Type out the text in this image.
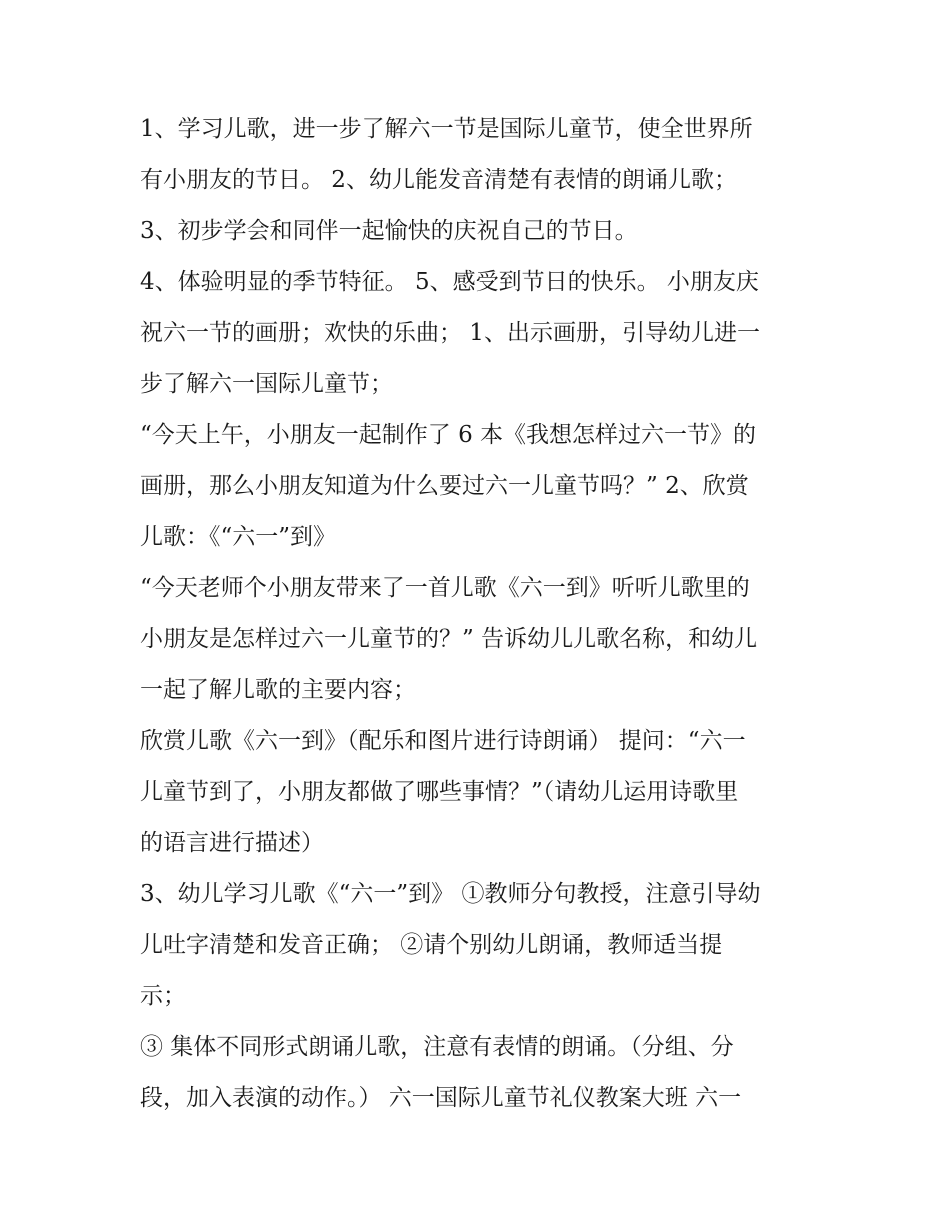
1、学习儿歌，进一步了解六一节是国际儿童节，使全世界所
有小朋友的节日。 2、幼儿能发音清楚有表情的朗诵儿歌；
3、初步学会和同伴一起愉快的庆祝自己的节日。
4、体验明显的季节特征。 5、感受到节日的快乐。 小朋友庆
祝六一节的画册；欢快的乐曲； 1、出示画册，引导幼儿进一
步了解六一国际儿童节；
“今天上午，小朋友一起制作了 6 本《我想怎样过六一节》的
画册，那么小朋友知道为什么要过六一儿童节吗？” 2、欣赏
儿歌：《“六一”到》
“今天老师个小朋友带来了一首儿歌《六一到》听听儿歌里的
小朋友是怎样过六一儿童节的？” 告诉幼儿儿歌名称，和幼儿
一起了解儿歌的主要内容；
欣赏儿歌《六一到》（配乐和图片进行诗朗诵） 提问：“六一
儿童节到了，小朋友都做了哪些事情？”（请幼儿运用诗歌里
的语言进行描述）
3、幼儿学习儿歌《“六一”到》 ①教师分句教授，注意引导幼
儿吐字清楚和发音正确； ②请个别幼儿朗诵，教师适当提
示；
③ 集体不同形式朗诵儿歌，注意有表情的朗诵。（分组、分
段，加入表演的动作。） 六一国际儿童节礼仪教案大班 六一
